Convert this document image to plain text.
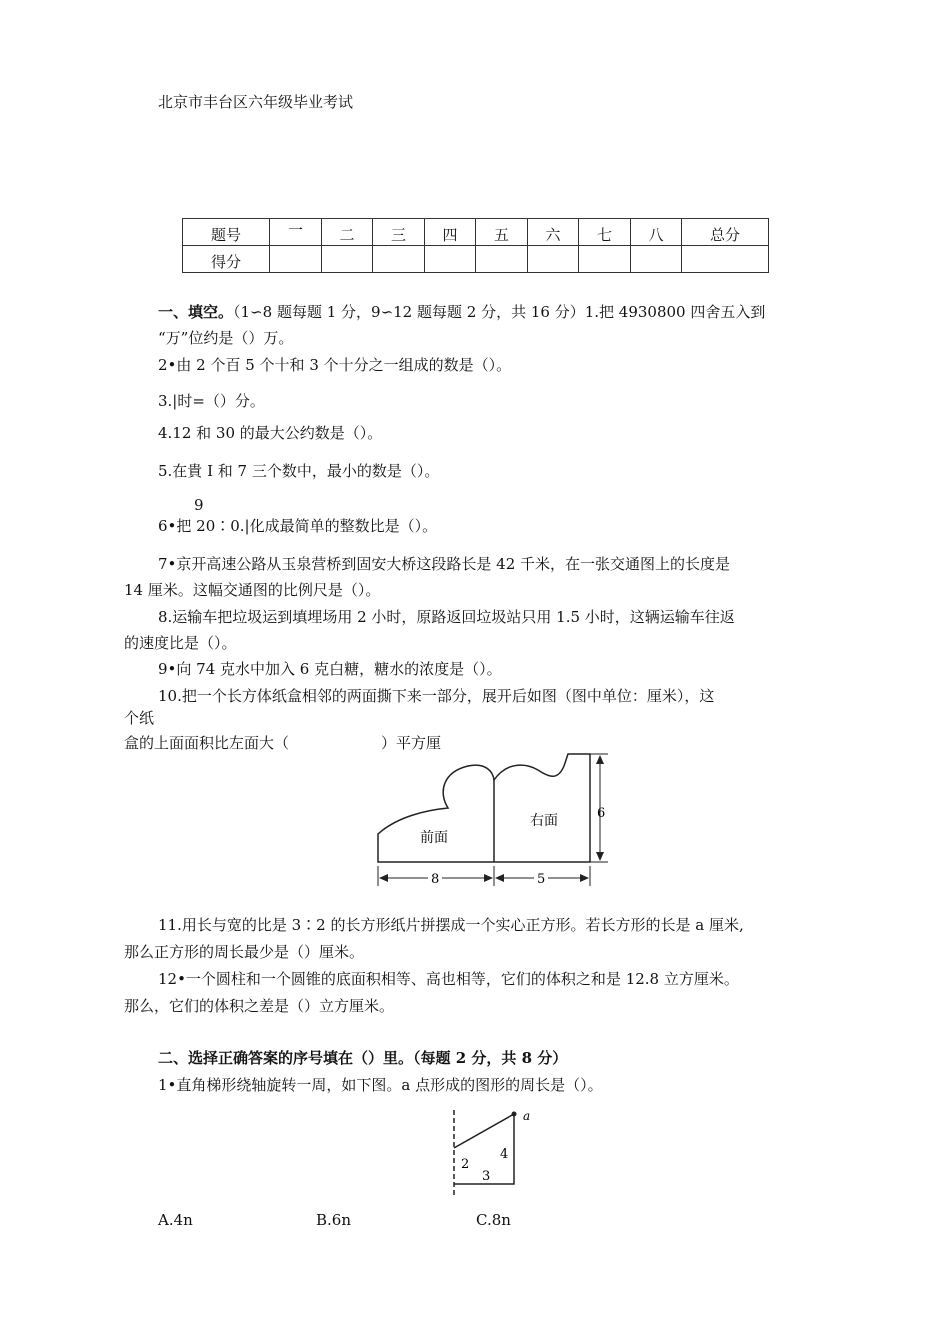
北京市丰台区六年级毕业考试
题号	一	二	三	四	五	六	七	八	总分
得分									
一、填空。（1∽8 题每题 1 分，9∽12 题每题 2 分，共 16 分）1.把 4930800 四舍五入到
“万”位约是（）万。
2•由 2 个百 5 个十和 3 个十分之一组成的数是（）。
3.|时=（）分。
4.12 和 30 的最大公约数是（）。
5.在貴 I 和 7 三个数中，最小的数是（）。
9
6•把 20∶0.|化成最简单的整数比是（）。
7•京开高速公路从玉泉营桥到固安大桥这段路长是 42 千米，在一张交通图上的长度是
14 厘米。这幅交通图的比例尺是（）。
8.运输车把垃圾运到填埋场用 2 小时，原路返回垃圾站只用 1.5 小时，这辆运输车往返
的速度比是（）。
9•向 74 克水中加入 6 克白糖，糖水的浓度是（）。
10.把一个长方体纸盒相邻的两面撕下来一部分，展开后如图（图中单位：厘米），这
个纸
盒的上面面积比左面大（	）平方厘
前面
右面	6
8	5
11.用长与宽的比是 3∶2 的长方形纸片拼摆成一个实心正方形。若长方形的长是 a 厘米,
那么正方形的周长最少是（）厘米。
12•一个圆柱和一个圆锥的底面积相等、高也相等，它们的体积之和是 12.8 立方厘米。
那么，它们的体积之差是（）立方厘米。
二、选择正确答案的序号填在（）里。（每题 2 分，共 8 分）
1•直角梯形绕轴旋转一周，如下图。a 点形成的图形的周长是（）。
a
2
3
4
A.4n	B.6n	C.8n
